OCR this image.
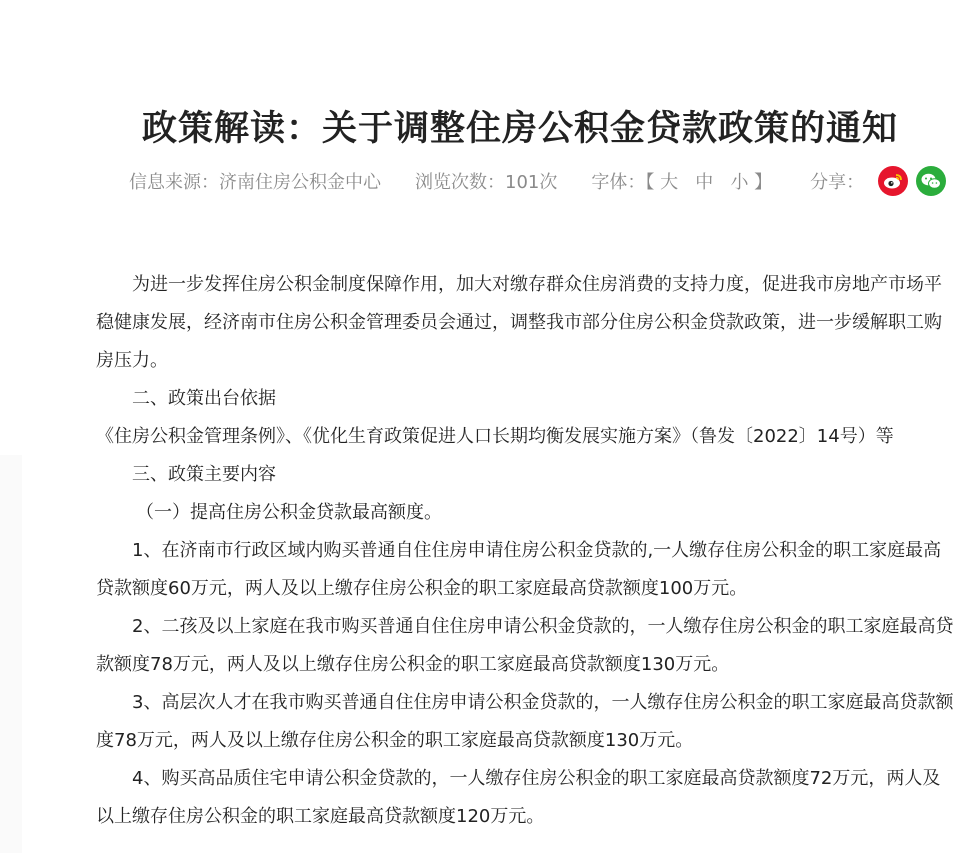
政策解读：关于调整住房公积金贷款政策的通知
信息来源：济南住房公积金中心 浏览次数：101次 字体：【 大 中 小 】 分享：

为进一步发挥住房公积金制度保障作用，加大对缴存群众住房消费的支持力度，促进我市房地产市场平稳健康发展，经济南市住房公积金管理委员会通过，调整我市部分住房公积金贷款政策，进一步缓解职工购房压力。

二、政策出台依据

《住房公积金管理条例》、《优化生育政策促进人口长期均衡发展实施方案》（鲁发〔2022〕14号）等

三、政策主要内容

（一）提高住房公积金贷款最高额度。

1、在济南市行政区域内购买普通自住住房申请住房公积金贷款的,一人缴存住房公积金的职工家庭最高贷款额度60万元，两人及以上缴存住房公积金的职工家庭最高贷款额度100万元。

2、二孩及以上家庭在我市购买普通自住住房申请公积金贷款的，一人缴存住房公积金的职工家庭最高贷款额度78万元，两人及以上缴存住房公积金的职工家庭最高贷款额度130万元。

3、高层次人才在我市购买普通自住住房申请公积金贷款的，一人缴存住房公积金的职工家庭最高贷款额度78万元，两人及以上缴存住房公积金的职工家庭最高贷款额度130万元。

4、购买高品质住宅申请公积金贷款的，一人缴存住房公积金的职工家庭最高贷款额度72万元，两人及以上缴存住房公积金的职工家庭最高贷款额度120万元。
